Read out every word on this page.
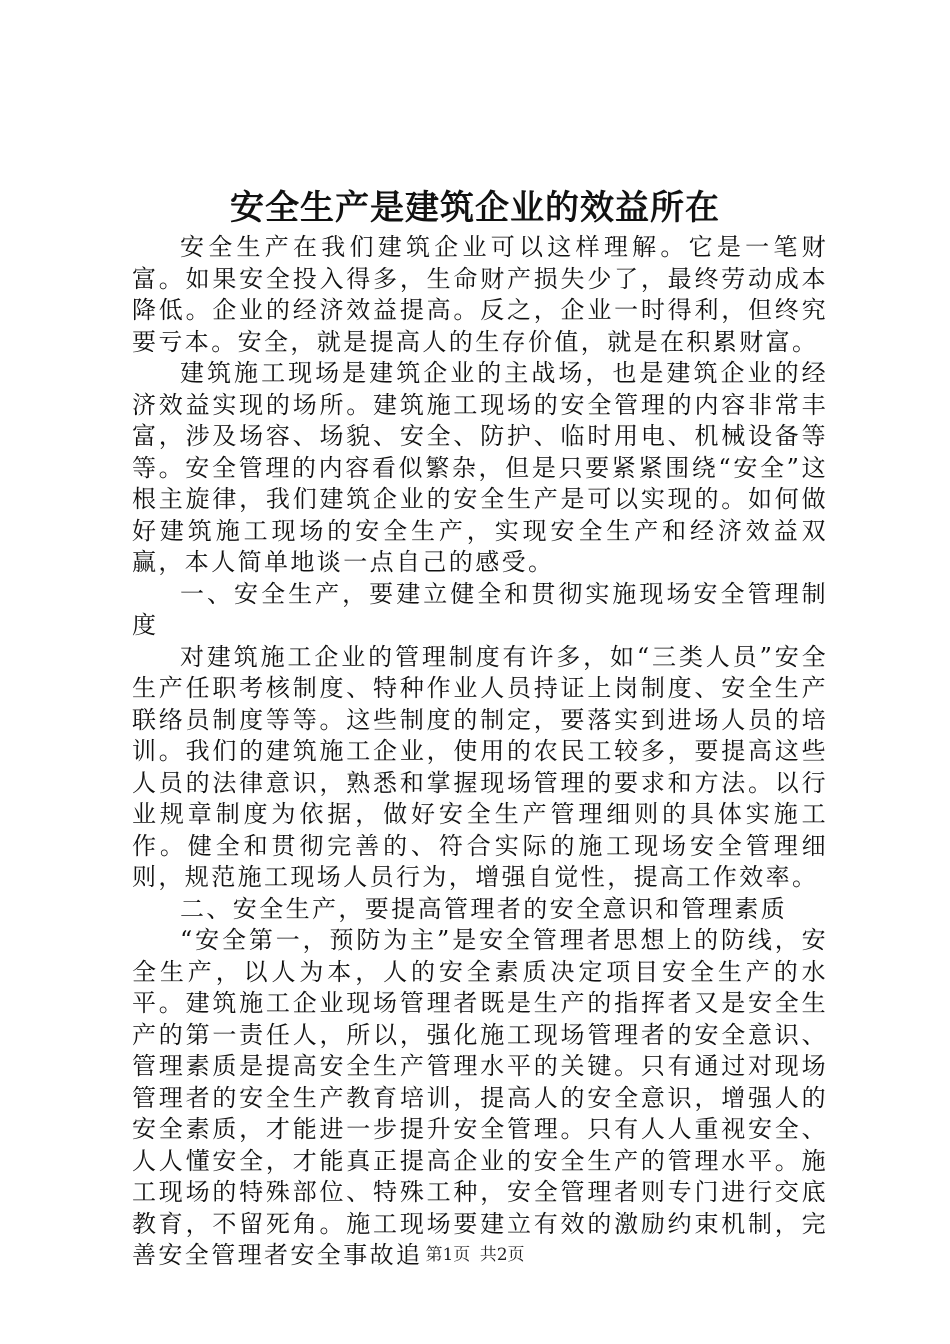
安全生产是建筑企业的效益所在

安全生产在我们建筑企业可以这样理解。它是一笔财富。如果安全投入得多，生命财产损失少了，最终劳动成本降低。企业的经济效益提高。反之，企业一时得利，但终究要亏本。安全，就是提高人的生存价值，就是在积累财富。

建筑施工现场是建筑企业的主战场，也是建筑企业的经济效益实现的场所。建筑施工现场的安全管理的内容非常丰富，涉及场容、场貌、安全、防护、临时用电、机械设备等等。安全管理的内容看似繁杂，但是只要紧紧围绕“安全”这根主旋律，我们建筑企业的安全生产是可以实现的。如何做好建筑施工现场的安全生产，实现安全生产和经济效益双赢，本人简单地谈一点自己的感受。

一、安全生产，要建立健全和贯彻实施现场安全管理制度

对建筑施工企业的管理制度有许多，如“三类人员”安全生产任职考核制度、特种作业人员持证上岗制度、安全生产联络员制度等等。这些制度的制定，要落实到进场人员的培训。我们的建筑施工企业，使用的农民工较多，要提高这些人员的法律意识，熟悉和掌握现场管理的要求和方法。以行业规章制度为依据，做好安全生产管理细则的具体实施工作。健全和贯彻完善的、符合实际的施工现场安全管理细则，规范施工现场人员行为，增强自觉性，提高工作效率。

二、安全生产，要提高管理者的安全意识和管理素质

“安全第一，预防为主”是安全管理者思想上的防线，安全生产，以人为本，人的安全素质决定项目安全生产的水平。建筑施工企业现场管理者既是生产的指挥者又是安全生产的第一责任人，所以，强化施工现场管理者的安全意识、管理素质是提高安全生产管理水平的关键。只有通过对现场管理者的安全生产教育培训，提高人的安全意识，增强人的安全素质，才能进一步提升安全管理。只有人人重视安全、人人懂安全，才能真正提高企业的安全生产的管理水平。施工现场的特殊部位、特殊工种，安全管理者则专门进行交底教育，不留死角。施工现场要建立有效的激励约束机制，完善安全管理者安全事故追 第1页 共2页
